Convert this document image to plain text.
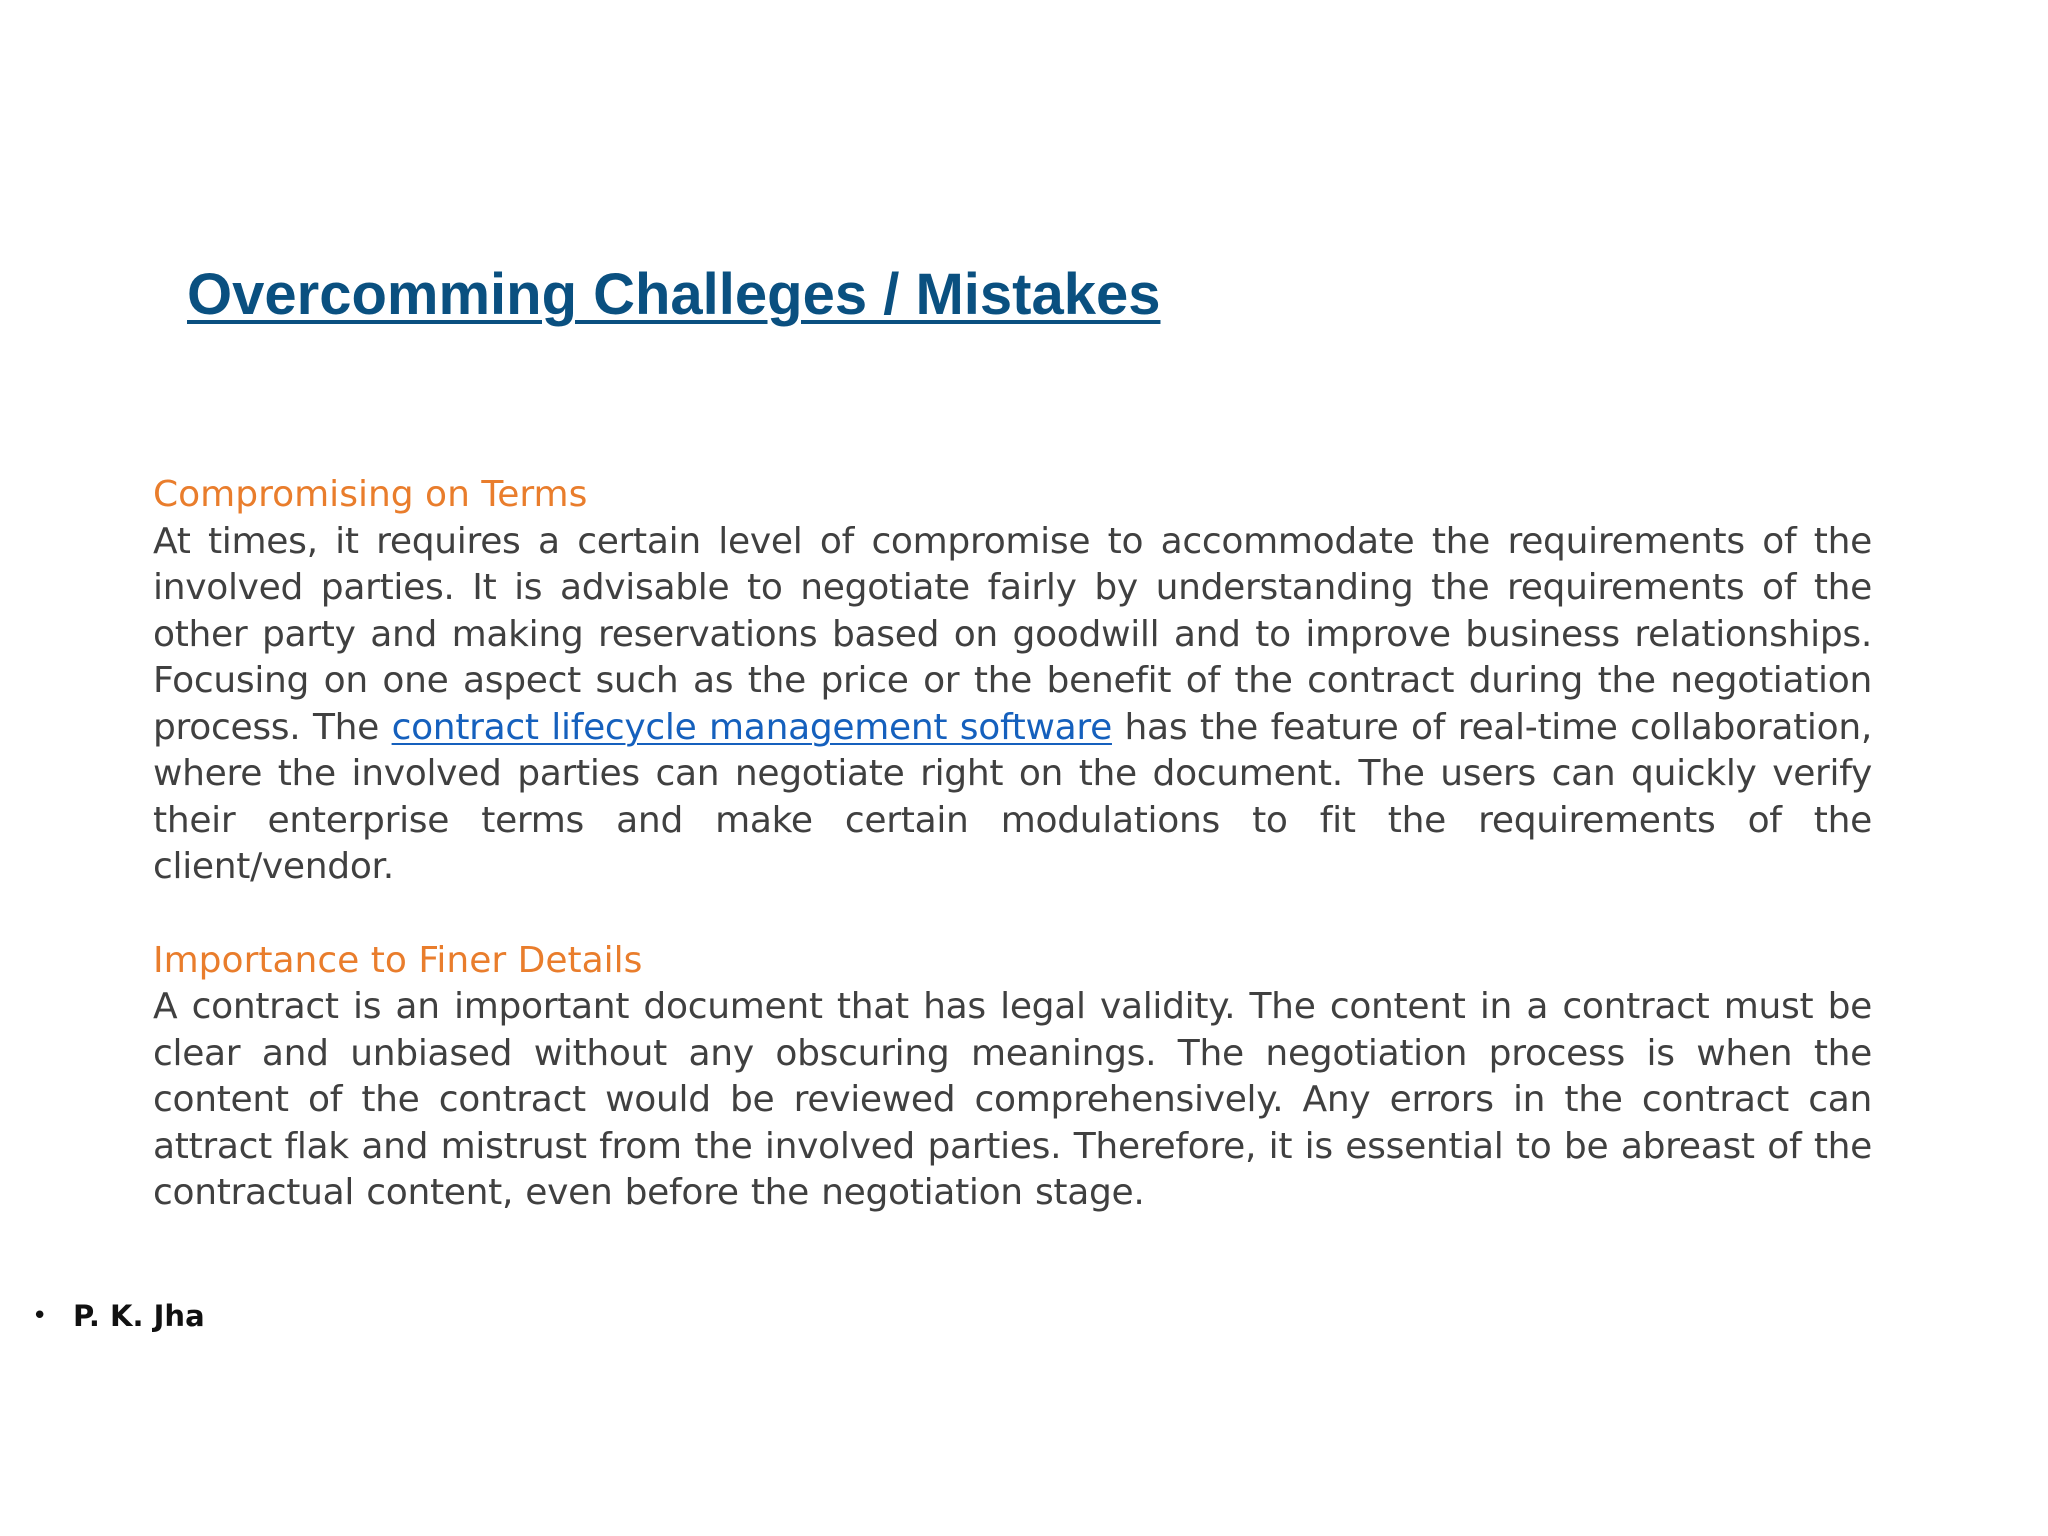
Overcomming Challeges / Mistakes

Compromising on Terms

At times, it requires a certain level of compromise to accommodate the requirements of the involved parties. It is advisable to negotiate fairly by understanding the requirements of the other party and making reservations based on goodwill and to improve business relationships. Focusing on one aspect such as the price or the benefit of the contract during the negotiation process. The contract lifecycle management software has the feature of real-time collaboration, where the involved parties can negotiate right on the document. The users can quickly verify their enterprise terms and make certain modulations to fit the requirements of the client/vendor.

Importance to Finer Details

A contract is an important document that has legal validity. The content in a contract must be clear and unbiased without any obscuring meanings. The negotiation process is when the content of the contract would be reviewed comprehensively. Any errors in the contract can attract flak and mistrust from the involved parties. Therefore, it is essential to be abreast of the contractual content, even before the negotiation stage.

• P. K. Jha
